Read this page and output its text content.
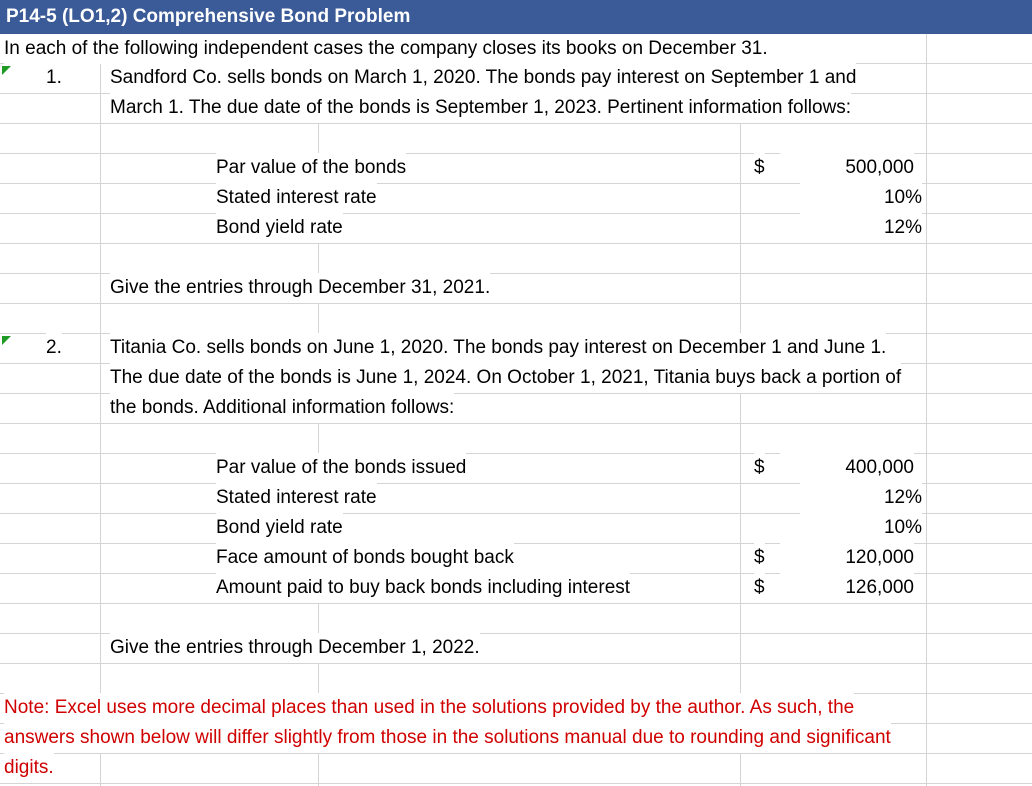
P14-5 (LO1,2) Comprehensive Bond Problem
In each of the following independent cases the company closes its books on December 31.
1.	Sandford Co. sells bonds on March 1, 2020. The bonds pay interest on September 1 and
March 1. The due date of the bonds is September 1, 2023. Pertinent information follows:
Par value of the bonds	$	500,000
Stated interest rate	10%
Bond yield rate	12%
Give the entries through December 31, 2021.
2.	Titania Co. sells bonds on June 1, 2020. The bonds pay interest on December 1 and June 1.
The due date of the bonds is June 1, 2024. On October 1, 2021, Titania buys back a portion of
the bonds. Additional information follows:
Par value of the bonds issued	$	400,000
Stated interest rate	12%
Bond yield rate	10%
Face amount of bonds bought back	$	120,000
Amount paid to buy back bonds including interest	$	126,000
Give the entries through December 1, 2022.
Note: Excel uses more decimal places than used in the solutions provided by the author. As such, the
answers shown below will differ slightly from those in the solutions manual due to rounding and significant
digits.
